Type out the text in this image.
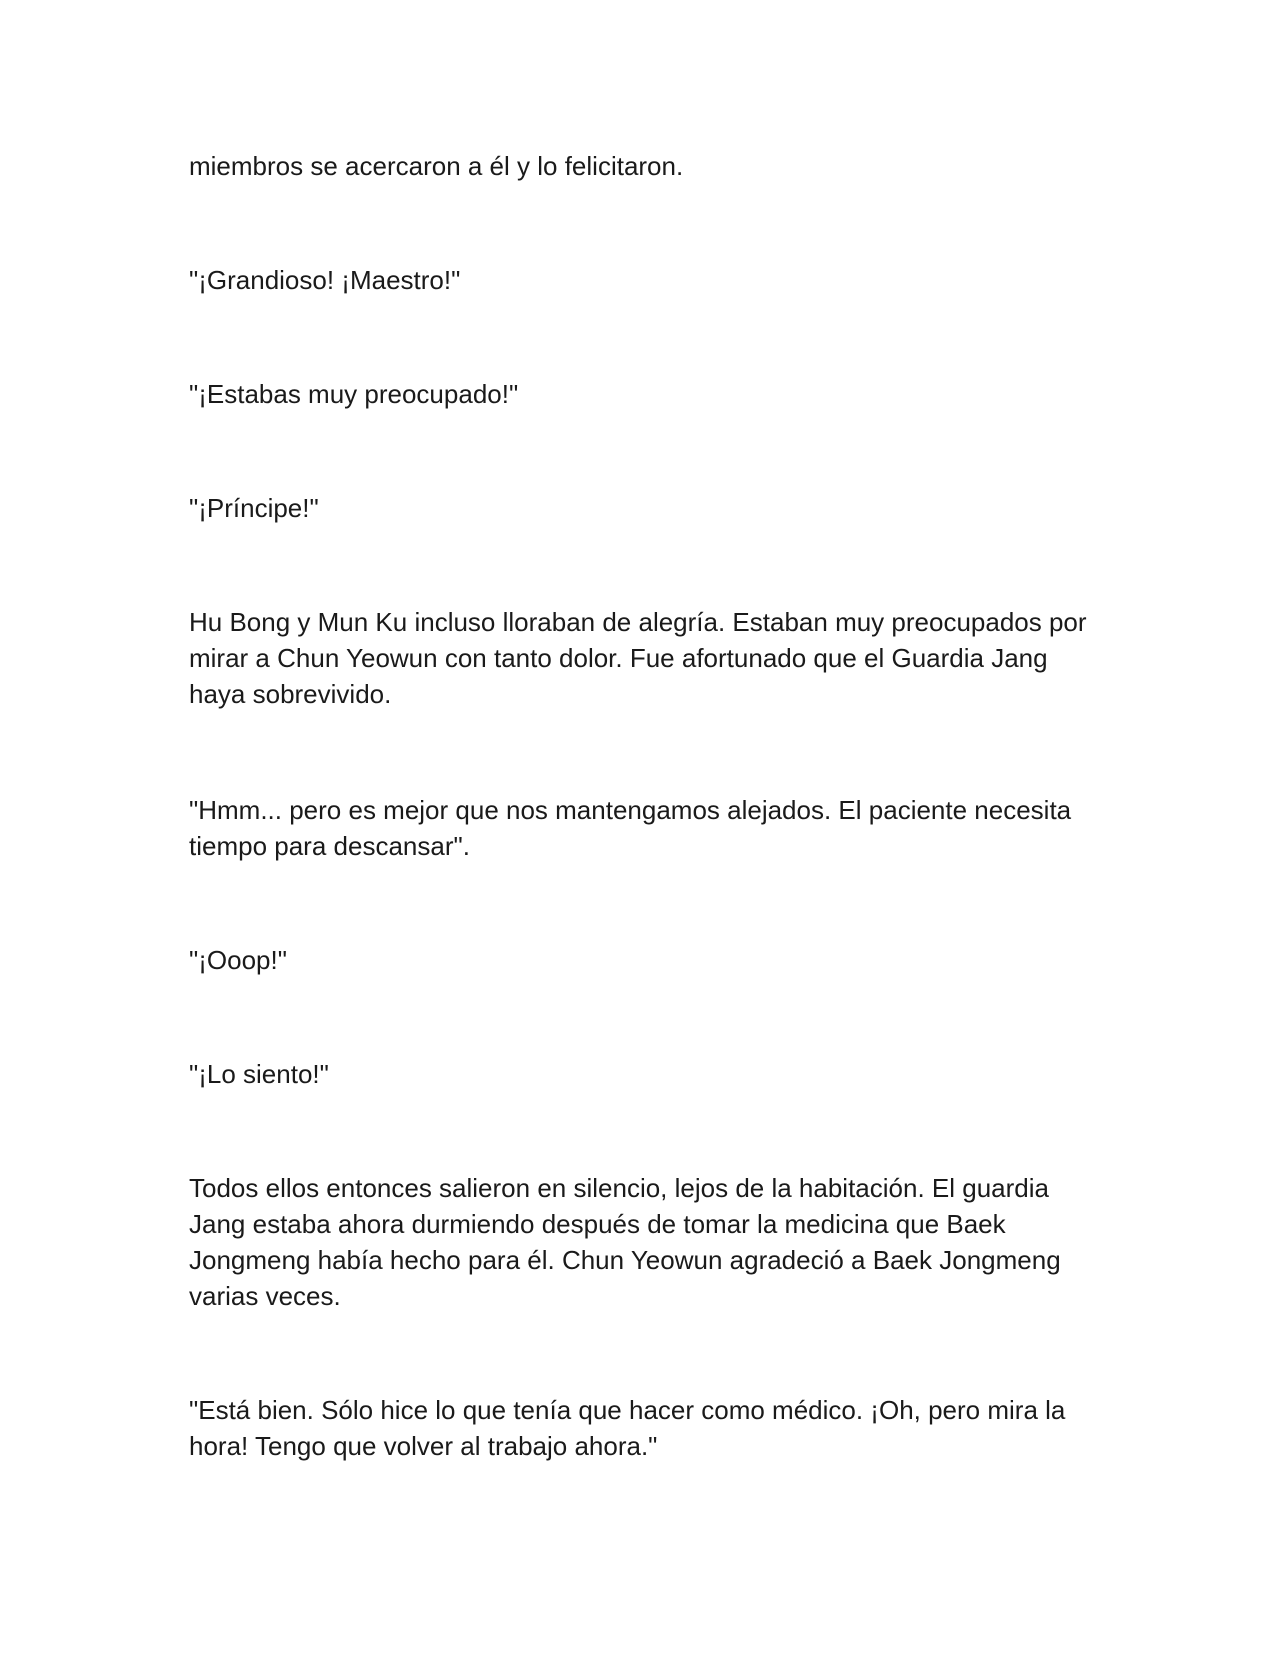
miembros se acercaron a él y lo felicitaron.

"¡Grandioso! ¡Maestro!"

"¡Estabas muy preocupado!"

"¡Príncipe!"

Hu Bong y Mun Ku incluso lloraban de alegría. Estaban muy preocupados por mirar a Chun Yeowun con tanto dolor. Fue afortunado que el Guardia Jang haya sobrevivido.

"Hmm... pero es mejor que nos mantengamos alejados. El paciente necesita tiempo para descansar".

"¡Ooop!"

"¡Lo siento!"

Todos ellos entonces salieron en silencio, lejos de la habitación. El guardia Jang estaba ahora durmiendo después de tomar la medicina que Baek Jongmeng había hecho para él. Chun Yeowun agradeció a Baek Jongmeng varias veces.

"Está bien. Sólo hice lo que tenía que hacer como médico. ¡Oh, pero mira la hora! Tengo que volver al trabajo ahora."
